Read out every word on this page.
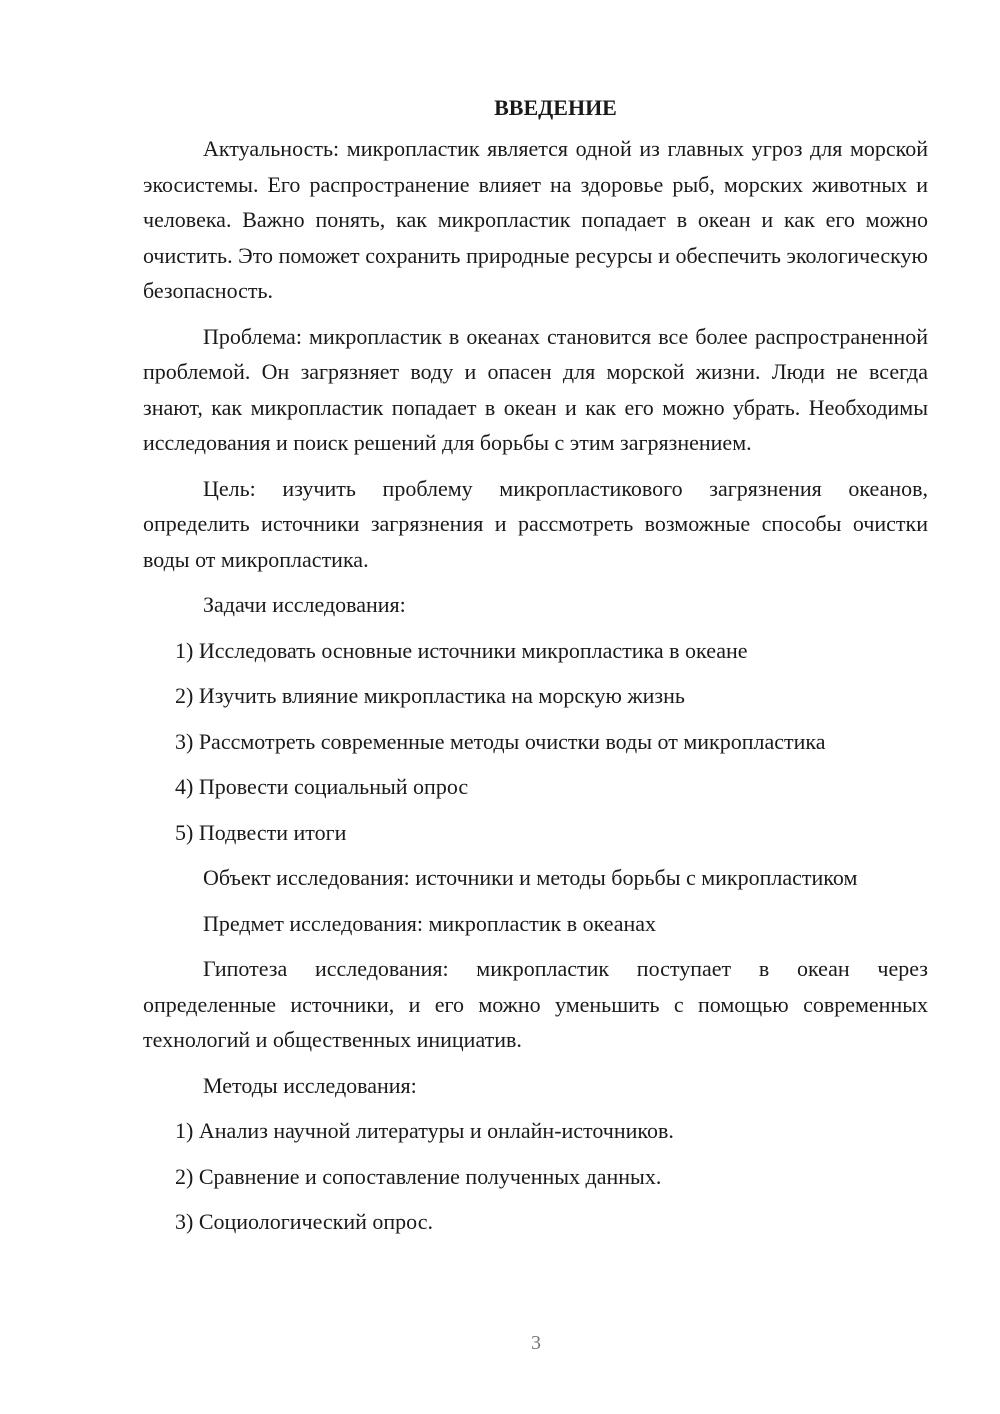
ВВЕДЕНИЕ

Актуальность: микропластик является одной из главных угроз для морской экосистемы. Его распространение влияет на здоровье рыб, морских животных и человека. Важно понять, как микропластик попадает в океан и как его можно очистить. Это поможет сохранить природные ресурсы и обеспечить экологическую безопасность.

Проблема: микропластик в океанах становится все более распространенной проблемой. Он загрязняет воду и опасен для морской жизни. Люди не всегда знают, как микропластик попадает в океан и как его можно убрать. Необходимы исследования и поиск решений для борьбы с этим загрязнением.

Цель: изучить проблему микропластикового загрязнения океанов, определить источники загрязнения и рассмотреть возможные способы очистки воды от микропластика.

Задачи исследования:

1) Исследовать основные источники микропластика в океане
2) Изучить влияние микропластика на морскую жизнь
3) Рассмотреть современные методы очистки воды от микропластика
4) Провести социальный опрос
5) Подвести итоги

Объект исследования: источники и методы борьбы с микропластиком

Предмет исследования: микропластик в океанах

Гипотеза исследования: микропластик поступает в океан через определенные источники, и его можно уменьшить с помощью современных технологий и общественных инициатив.

Методы исследования:

1) Анализ научной литературы и онлайн-источников.
2) Сравнение и сопоставление полученных данных.
3) Социологический опрос.
3
